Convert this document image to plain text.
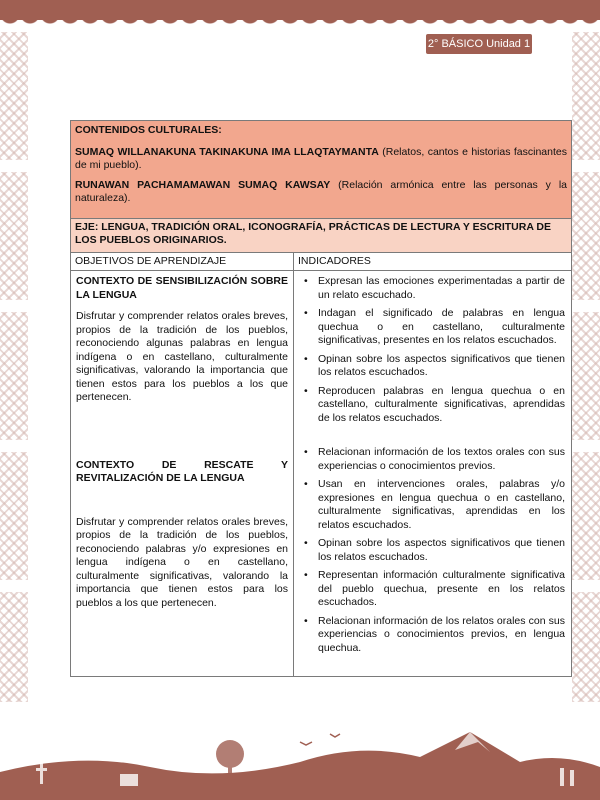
2° BÁSICO Unidad 1

CONTENIDOS CULTURALES:

SUMAQ WILLANAKUNA TAKINAKUNA IMA LLAQTAYMANTA (Relatos, cantos e historias fascinantes de mi pueblo).

RUNAWAN PACHAMAMAWAN SUMAQ KAWSAY (Relación armónica entre las personas y la naturaleza).

EJE: LENGUA, TRADICIÓN ORAL, ICONOGRAFÍA, PRÁCTICAS DE LECTURA Y ESCRITURA DE LOS PUEBLOS ORIGINARIOS.
OBJETIVOS DE APRENDIZAJE	INDICADORES

CONTEXTO DE SENSIBILIZACIÓN SOBRE LA LENGUA

Disfrutar y comprender relatos orales breves, propios de la tradición de los pueblos, reconociendo algunas palabras en lengua indígena o en castellano, culturalmente significativas, valorando la importancia que tienen estos para los pueblos a los que pertenecen.

CONTEXTO DE RESCATE Y REVITALIZACIÓN DE LA LENGUA

Disfrutar y comprender relatos orales breves, propios de la tradición de los pueblos, reconociendo palabras y/o expresiones en lengua indígena o en castellano, culturalmente significativas, valorando la importancia que tienen estos para los pueblos a los que pertenecen.

• Expresan las emociones experimentadas a partir de un relato escuchado.
• Indagan el significado de palabras en lengua quechua o en castellano, culturalmente significativas, presentes en los relatos escuchados.
• Opinan sobre los aspectos significativos que tienen los relatos escuchados.
• Reproducen palabras en lengua quechua o en castellano, culturalmente significativas, aprendidas de los relatos escuchados.
• Relacionan información de los textos orales con sus experiencias o conocimientos previos.
• Usan en intervenciones orales, palabras y/o expresiones en lengua quechua o en castellano, culturalmente significativas, aprendidas en los relatos escuchados.
• Opinan sobre los aspectos significativos que tienen los relatos escuchados.
• Representan información culturalmente significativa del pueblo quechua, presente en los relatos escuchados.
• Relacionan información de los relatos orales con sus experiencias o conocimientos previos, en lengua quechua.
